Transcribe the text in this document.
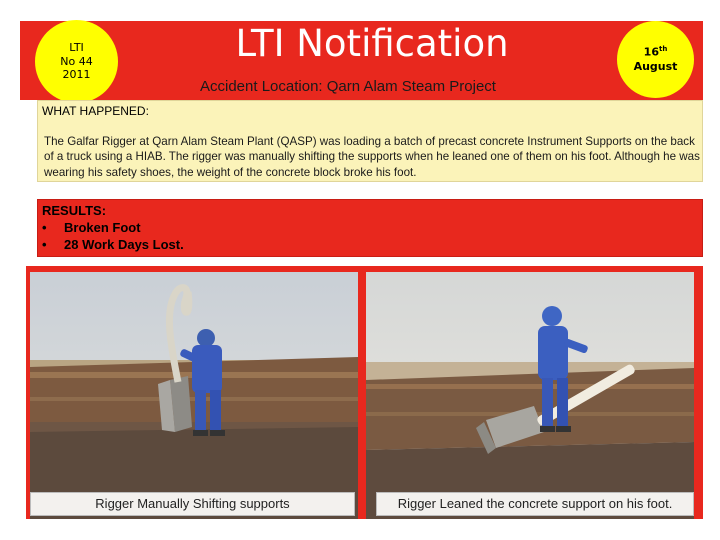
LTI
No 44
2011
LTI Notification
Accident Location: Qarn Alam Steam Project
16th
August
WHAT HAPPENED:
The Galfar Rigger at Qarn Alam Steam Plant (QASP) was loading a batch of precast concrete Instrument Supports on the back of a truck using a HIAB. The rigger was manually shifting the supports when he leaned one of them on his foot. Although he was wearing his safety shoes, the weight of the concrete block broke his foot.
RESULTS:
• Broken Foot
• 28 Work Days Lost.
Rigger Manually Shifting supports	Rigger Leaned the concrete support on his foot.
